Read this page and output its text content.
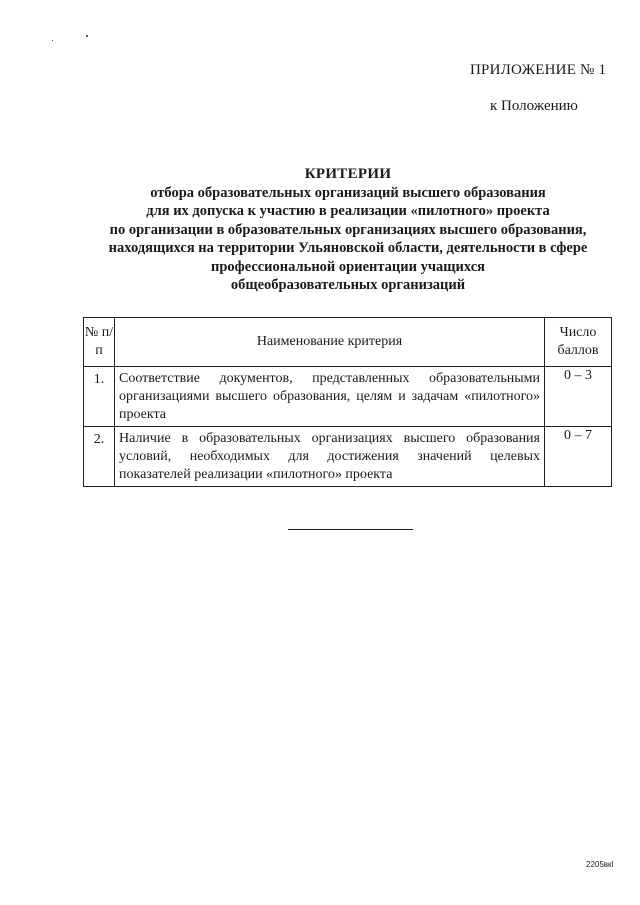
ПРИЛОЖЕНИЕ № 1
к Положению
КРИТЕРИИ
отбора образовательных организаций высшего образования
для их допуска к участию в реализации «пилотного» проекта
по организации в образовательных организациях высшего образования,
находящихся на территории Ульяновской области, деятельности в сфере
профессиональной ориентации учащихся
общеобразовательных организаций
№ п/п	Наименование критерия	Число баллов
1.	Соответствие документов, представленных образовательными организациями высшего образования, целям и задачам «пилотного» проекта	0 – 3
2.	Наличие в образовательных организациях высшего образования условий, необходимых для достижения значений целевых показателей реализации «пилотного» проекта	0 – 7
2205вкl
